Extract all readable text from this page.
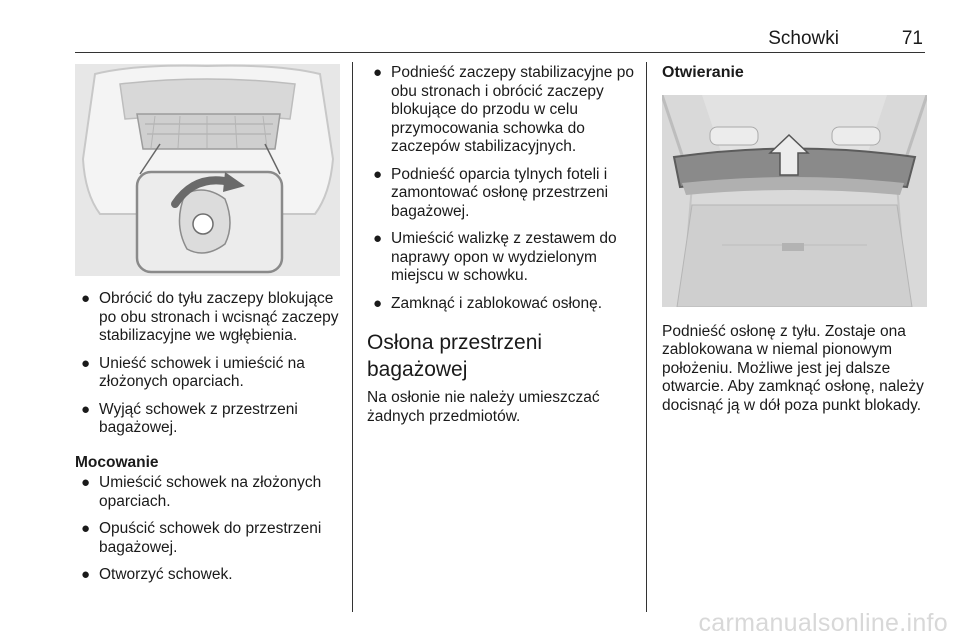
Schowki	71
● Obrócić do tyłu zaczepy blokujące po obu stronach i wcisnąć zaczepy stabilizacyjne we wgłębienia.
● Unieść schowek i umieścić na złożonych oparciach.
● Wyjąć schowek z przestrzeni bagażowej.
Mocowanie
● Umieścić schowek na złożonych oparciach.
● Opuścić schowek do przestrzeni bagażowej.
● Otworzyć schowek.
● Podnieść zaczepy stabilizacyjne po obu stronach i obrócić zaczepy blokujące do przodu w celu przymocowania schowka do zaczepów stabilizacyjnych.
● Podnieść oparcia tylnych foteli i zamontować osłonę przestrzeni bagażowej.
● Umieścić walizkę z zestawem do naprawy opon w wydzielonym miejscu w schowku.
● Zamknąć i zablokować osłonę.
Osłona przestrzeni bagażowej

Na osłonie nie należy umieszczać żadnych przedmiotów.

Otwieranie

Podnieść osłonę z tyłu. Zostaje ona zablokowana w niemal pionowym położeniu. Możliwe jest jej dalsze otwarcie. Aby zamknąć osłonę, należy docisnąć ją w dół poza punkt blokady.

carmanualsonline.info
